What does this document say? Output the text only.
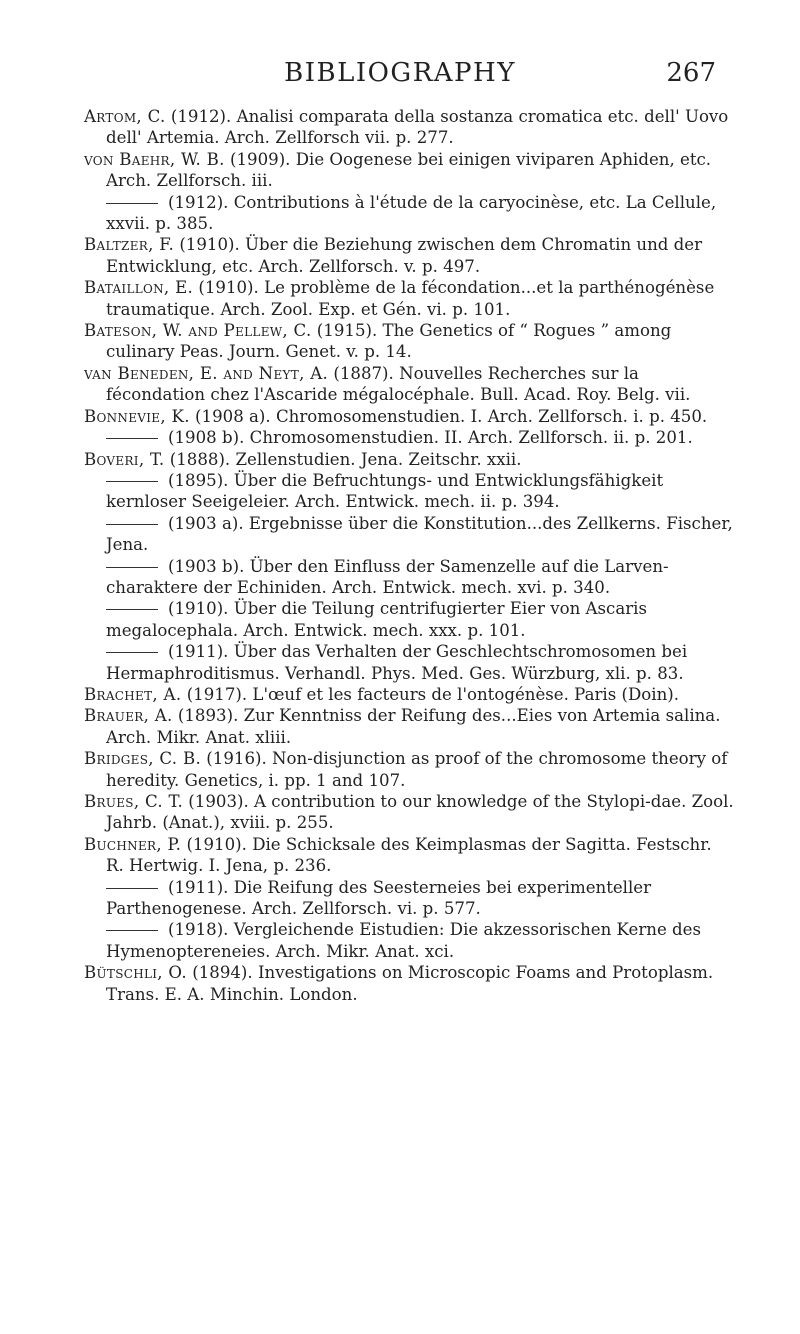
BIBLIOGRAPHY	267
Artom, C. (1912). Analisi comparata della sostanza cromatica etc. dell' Uovo dell' Artemia. Arch. Zellforsch vii. p. 277.
von Baehr, W. B. (1909). Die Oogenese bei einigen viviparen Aphiden, etc. Arch. Zellforsch. iii.
(1912). Contributions à l'étude de la caryocinèse, etc. La Cellule, xxvii. p. 385.
Baltzer, F. (1910). Über die Beziehung zwischen dem Chromatin und der Entwicklung, etc. Arch. Zellforsch. v. p. 497.
Bataillon, E. (1910). Le problème de la fécondation...et la parthénogénèse traumatique. Arch. Zool. Exp. et Gén. vi. p. 101.
Bateson, W. and Pellew, C. (1915). The Genetics of “ Rogues ” among culinary Peas. Journ. Genet. v. p. 14.
van Beneden, E. and Neyt, A. (1887). Nouvelles Recherches sur la fécondation chez l'Ascaride mégalocéphale. Bull. Acad. Roy. Belg. vii.
Bonnevie, K. (1908 a). Chromosomenstudien. I. Arch. Zellforsch. i. p. 450.
(1908 b). Chromosomenstudien. II. Arch. Zellforsch. ii. p. 201.
Boveri, T. (1888). Zellenstudien. Jena. Zeitschr. xxii.
(1895). Über die Befruchtungs- und Entwicklungsfähigkeit kernloser Seeigeleier. Arch. Entwick. mech. ii. p. 394.
(1903 a). Ergebnisse über die Konstitution...des Zellkerns. Fischer, Jena.
(1903 b). Über den Einfluss der Samenzelle auf die Larven-charaktere der Echiniden. Arch. Entwick. mech. xvi. p. 340.
(1910). Über die Teilung centrifugierter Eier von Ascaris megalocephala. Arch. Entwick. mech. xxx. p. 101.
(1911). Über das Verhalten der Geschlechtschromosomen bei Hermaphroditismus. Verhandl. Phys. Med. Ges. Würzburg, xli. p. 83.
Brachet, A. (1917). L'œuf et les facteurs de l'ontogénèse. Paris (Doin).
Brauer, A. (1893). Zur Kenntniss der Reifung des...Eies von Artemia salina. Arch. Mikr. Anat. xliii.
Bridges, C. B. (1916). Non-disjunction as proof of the chromosome theory of heredity. Genetics, i. pp. 1 and 107.
Brues, C. T. (1903). A contribution to our knowledge of the Stylopi-dae. Zool. Jahrb. (Anat.), xviii. p. 255.
Buchner, P. (1910). Die Schicksale des Keimplasmas der Sagitta. Festschr. R. Hertwig. I. Jena, p. 236.
(1911). Die Reifung des Seesterneies bei experimenteller Parthenogenese. Arch. Zellforsch. vi. p. 577.
(1918). Vergleichende Eistudien: Die akzessorischen Kerne des Hymenoptereneies. Arch. Mikr. Anat. xci.
Bütschli, O. (1894). Investigations on Microscopic Foams and Protoplasm. Trans. E. A. Minchin. London.
